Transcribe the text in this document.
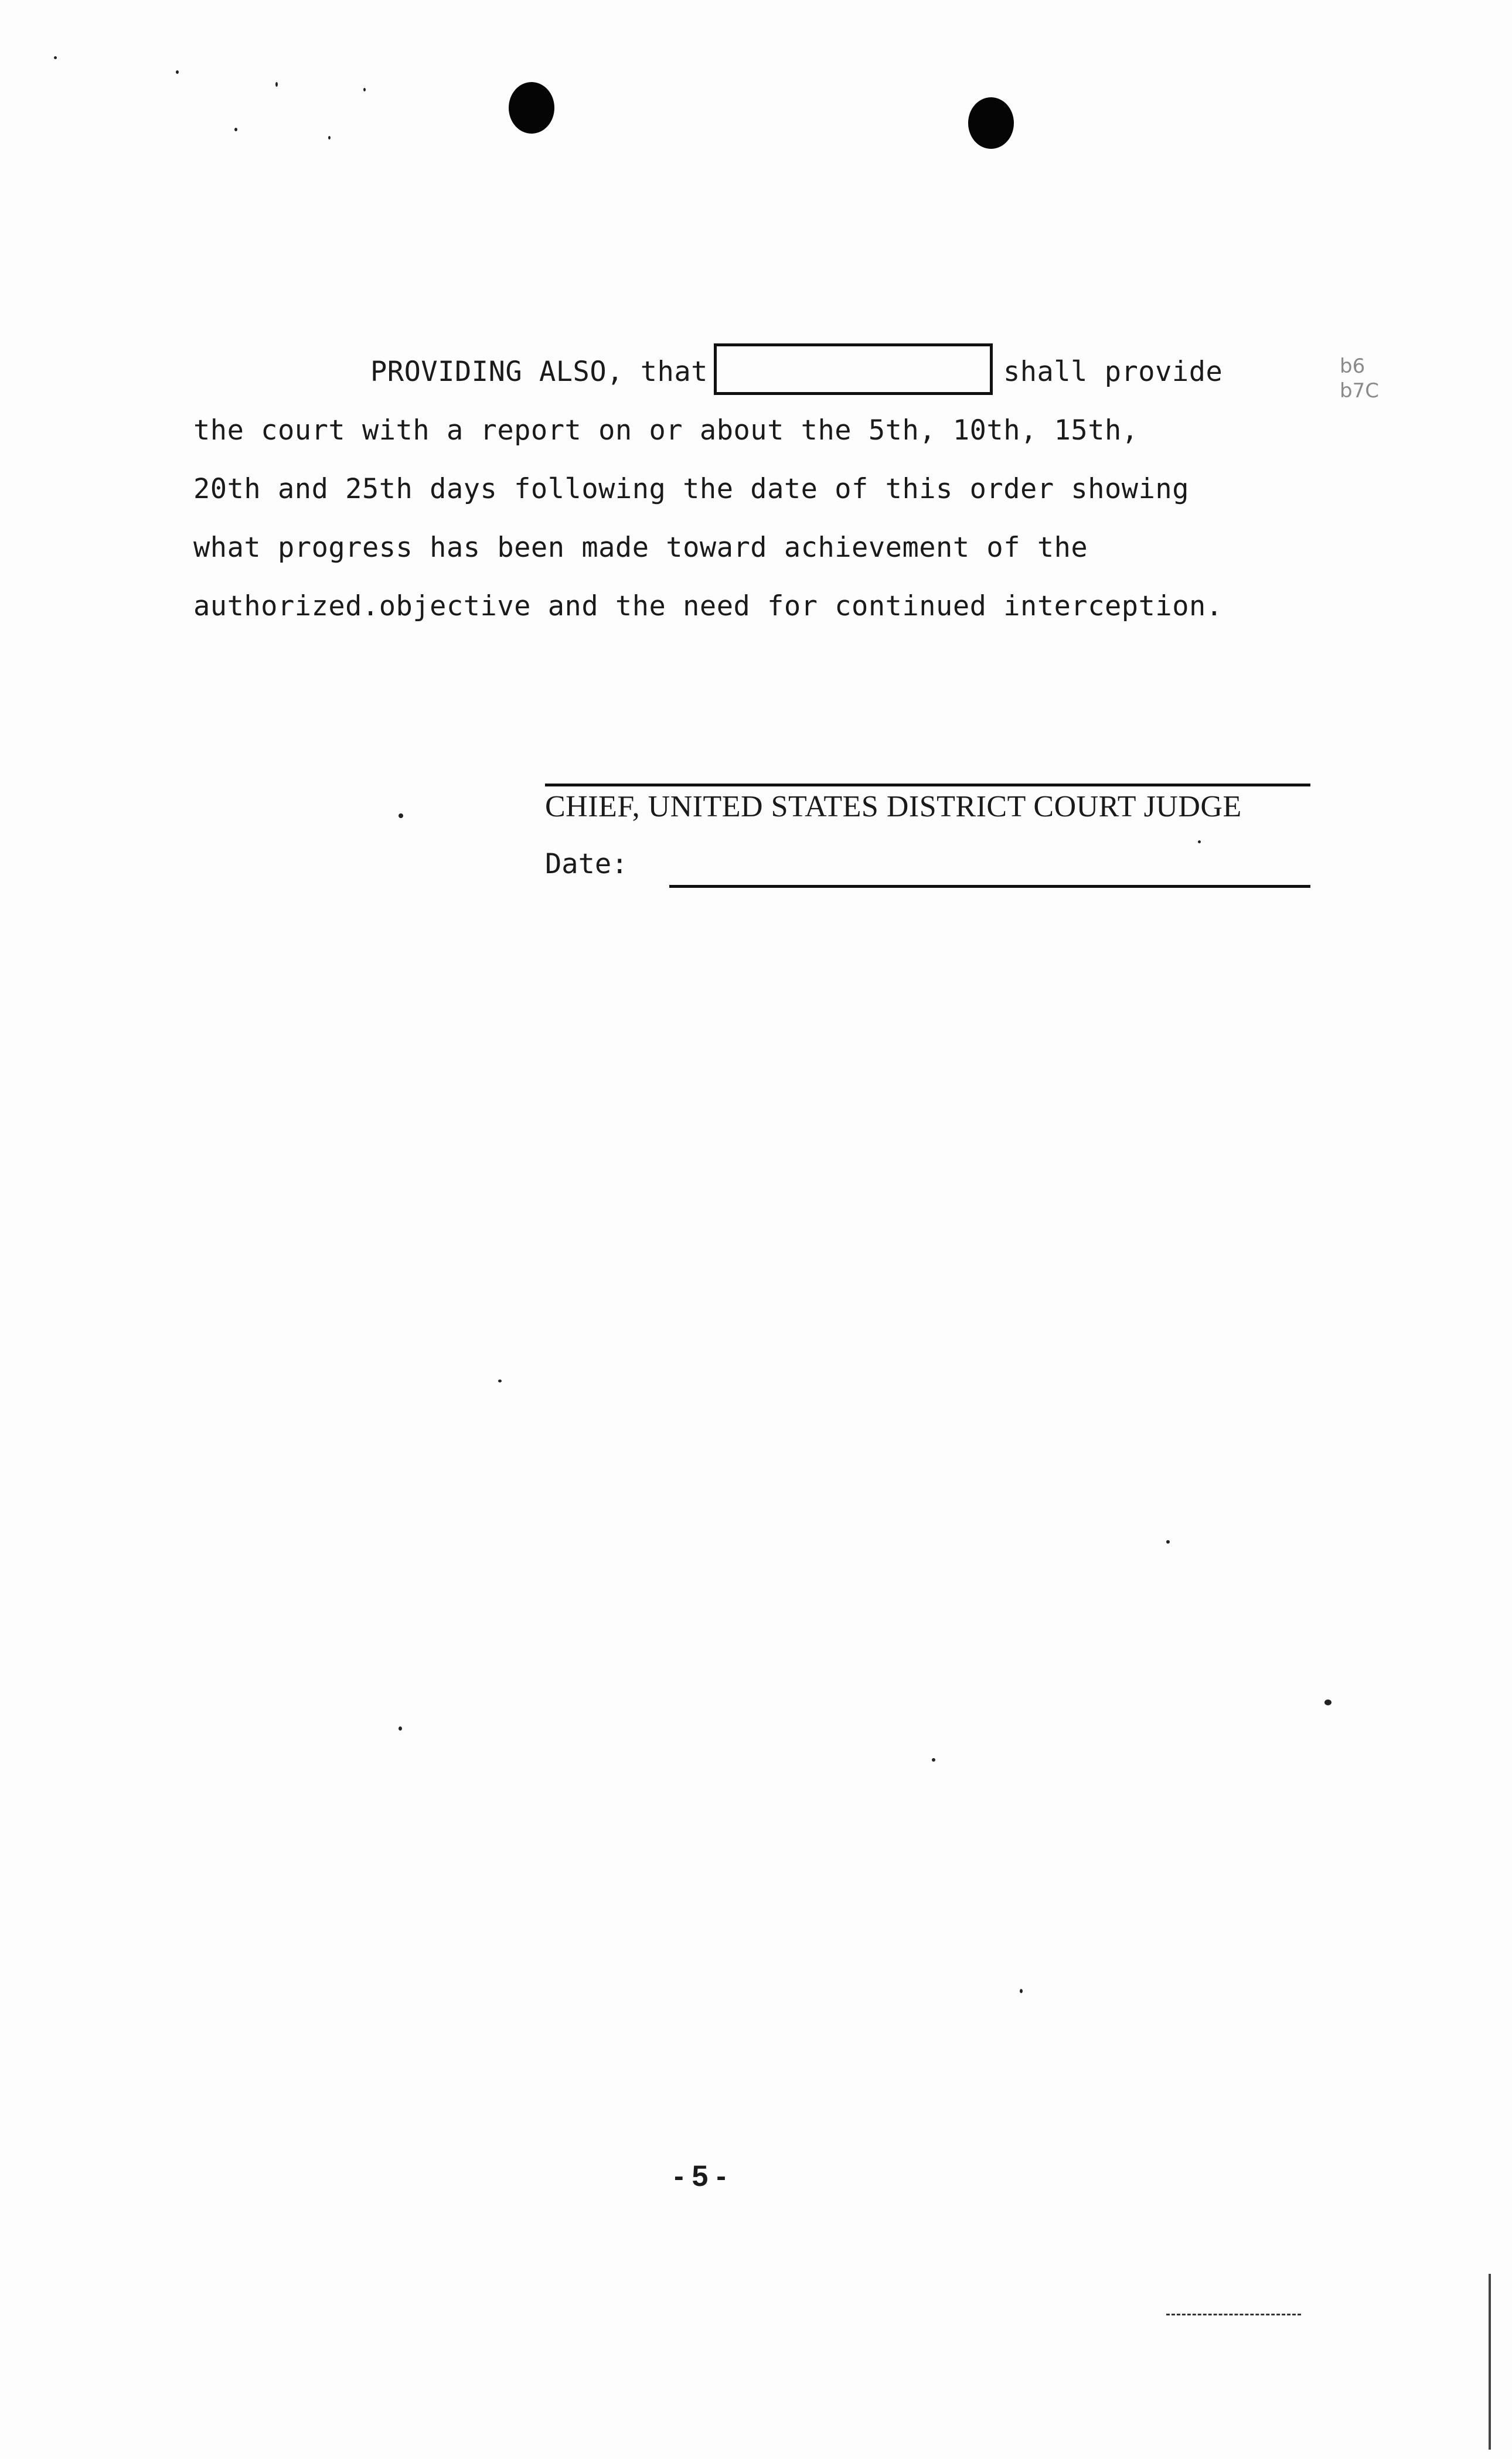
PROVIDING ALSO, that	shall provide
the court with a report on or about the 5th, 10th, 15th,
20th and 25th days following the date of this order showing
what progress has been made toward achievement of the
authorized.objective and the need for continued interception.
b6
b7C
CHIEF, UNITED STATES DISTRICT COURT JUDGE
Date:
- 5 -
